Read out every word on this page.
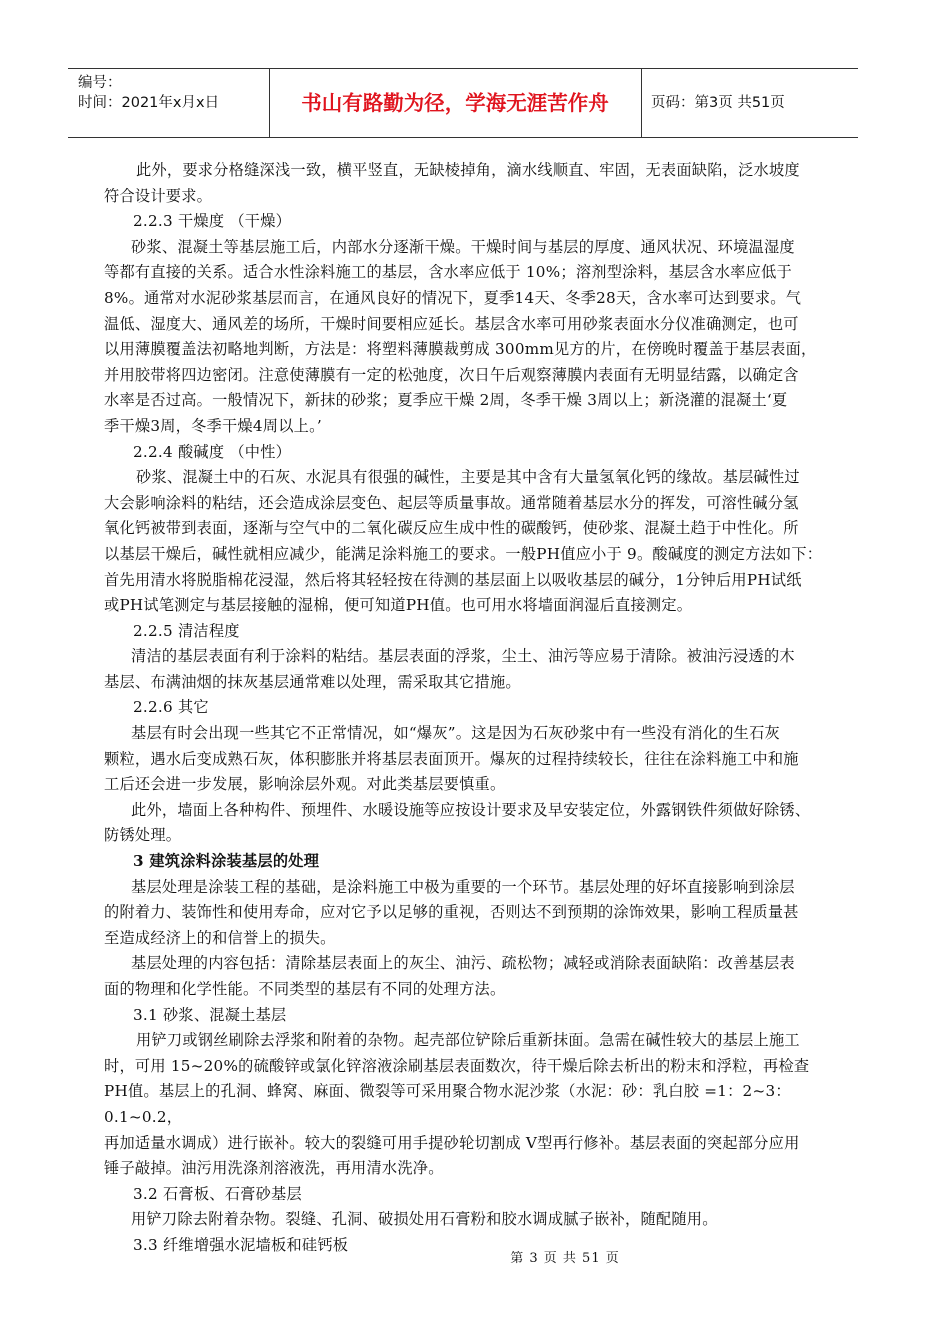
编号：
时间：2021年x月x日	书山有路勤为径，学海无涯苦作舟	页码：第3页 共51页
此外，要求分格缝深浅一致，横平竖直，无缺棱掉角，滴水线顺直、牢固，无表面缺陷，泛水坡度
符合设计要求。
2.2.3 干燥度 （干燥）
砂浆、混凝土等基层施工后，内部水分逐渐干燥。干燥时间与基层的厚度、通风状况、环境温湿度
等都有直接的关系。适合水性涂料施工的基层，含水率应低于 10%；溶剂型涂料，基层含水率应低于
8%。通常对水泥砂浆基层而言，在通风良好的情况下，夏季14天、冬季28天，含水率可达到要求。气
温低、湿度大、通风差的场所，干燥时间要相应延长。基层含水率可用砂浆表面水分仪准确测定，也可
以用薄膜覆盖法初略地判断，方法是：将塑料薄膜裁剪成 300mm见方的片，在傍晚时覆盖于基层表面，
并用胶带将四边密闭。注意使薄膜有一定的松弛度，次日午后观察薄膜内表面有无明显结露，以确定含
水率是否过高。一般情况下，新抹的砂浆；夏季应干燥 2周，冬季干燥 3周以上；新浇灌的混凝土‘夏
季干燥3周，冬季干燥4周以上。’
2.2.4 酸碱度 （中性）
砂浆、混凝土中的石灰、水泥具有很强的碱性，主要是其中含有大量氢氧化钙的缘故。基层碱性过
大会影响涂料的粘结，还会造成涂层变色、起层等质量事故。通常随着基层水分的挥发，可溶性碱分氢
氧化钙被带到表面，逐渐与空气中的二氧化碳反应生成中性的碳酸钙，使砂浆、混凝土趋于中性化。所
以基层干燥后，碱性就相应减少，能满足涂料施工的要求。一般PH值应小于 9。酸碱度的测定方法如下：
首先用清水将脱脂棉花浸湿，然后将其轻轻按在待测的基层面上以吸收基层的碱分，1分钟后用PH试纸
或PH试笔测定与基层接触的湿棉，便可知道PH值。也可用水将墙面润湿后直接测定。
2.2.5 清洁程度
清洁的基层表面有利于涂料的粘结。基层表面的浮浆，尘土、油污等应易于清除。被油污浸透的木
基层、布满油烟的抹灰基层通常难以处理，需采取其它措施。
2.2.6 其它
基层有时会出现一些其它不正常情况，如“爆灰”。这是因为石灰砂浆中有一些没有消化的生石灰
颗粒，遇水后变成熟石灰，体积膨胀并将基层表面顶开。爆灰的过程持续较长，往往在涂料施工中和施
工后还会进一步发展，影响涂层外观。对此类基层要慎重。
此外，墙面上各种构件、预埋件、水暖设施等应按设计要求及早安装定位，外露钢铁件须做好除锈、
防锈处理。
3 建筑涂料涂装基层的处理
基层处理是涂装工程的基础，是涂料施工中极为重要的一个环节。基层处理的好坏直接影响到涂层
的附着力、装饰性和使用寿命，应对它予以足够的重视，否则达不到预期的涂饰效果，影响工程质量甚
至造成经济上的和信誉上的损失。
基层处理的内容包括：清除基层表面上的灰尘、油污、疏松物；减轻或消除表面缺陷：改善基层表
面的物理和化学性能。不同类型的基层有不同的处理方法。
3.1 砂浆、混凝土基层
用铲刀或钢丝刷除去浮浆和附着的杂物。起壳部位铲除后重新抹面。急需在碱性较大的基层上施工
时，可用 15~20%的硫酸锌或氯化锌溶液涂刷基层表面数次，待干燥后除去析出的粉末和浮粒，再检查
PH值。基层上的孔洞、蜂窝、麻面、微裂等可采用聚合物水泥沙浆（水泥：砂：乳白胶 =1：2~3：
0.1~0.2，
再加适量水调成）进行嵌补。较大的裂缝可用手提砂轮切割成 V型再行修补。基层表面的突起部分应用
锤子敲掉。油污用洗涤剂溶液洗，再用清水洗净。
3.2 石膏板、石膏砂基层
用铲刀除去附着杂物。裂缝、孔洞、破损处用石膏粉和胶水调成腻子嵌补，随配随用。
3.3 纤维增强水泥墙板和硅钙板
第 3 页 共 51 页
